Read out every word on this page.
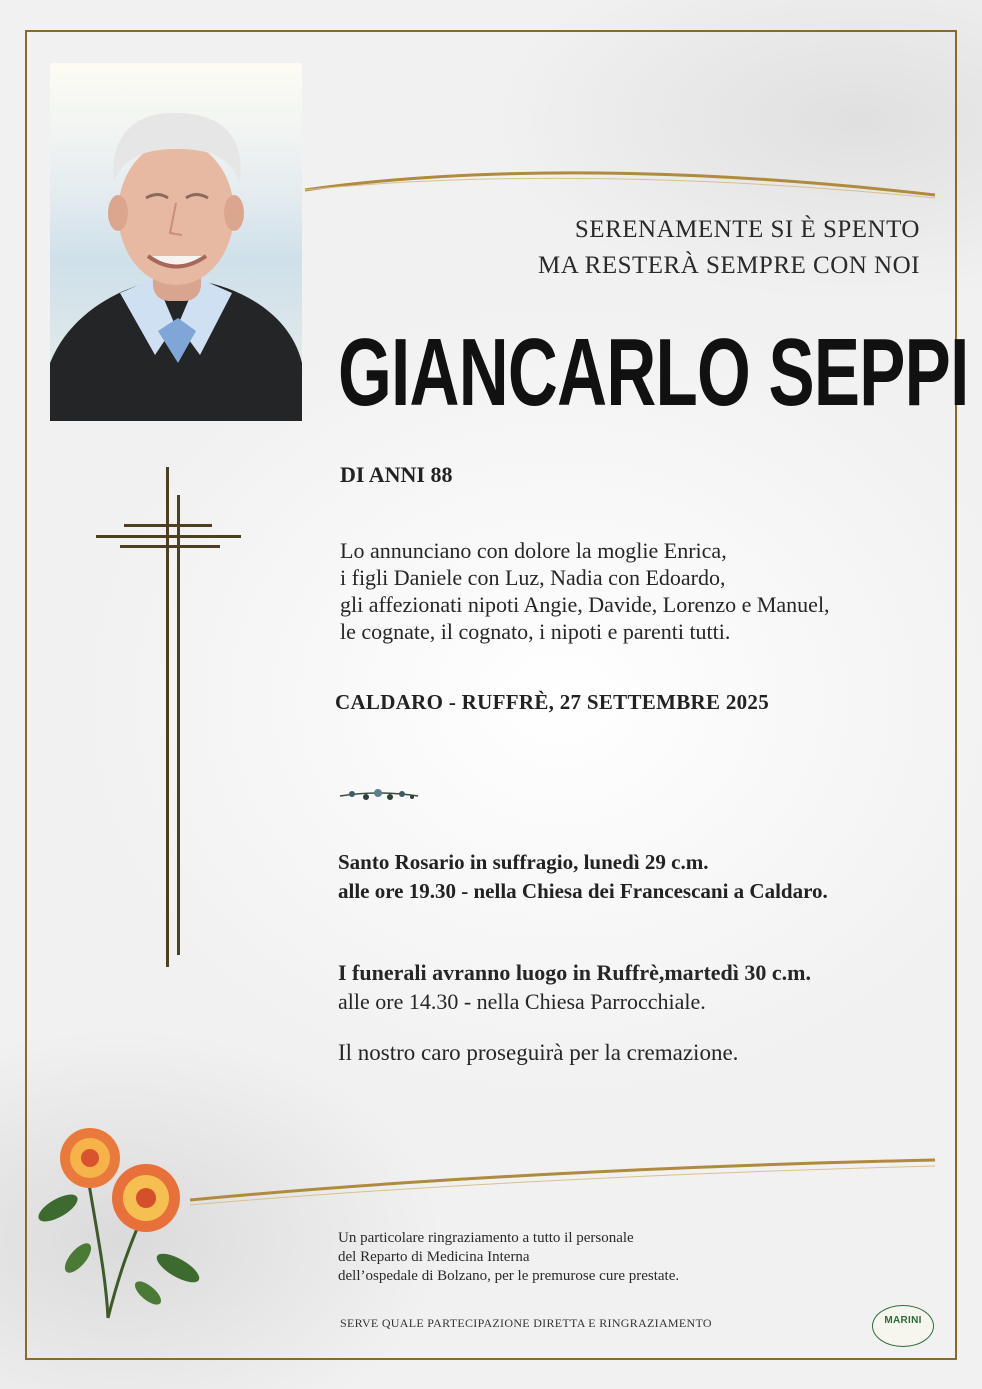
SERENAMENTE SI È SPENTO
MA RESTERÀ SEMPRE CON NOI
GIANCARLO SEPPI
DI ANNI 88
Lo annunciano con dolore la moglie Enrica,
i figli Daniele con Luz, Nadia con Edoardo,
gli affezionati nipoti Angie, Davide, Lorenzo e Manuel,
le cognate, il cognato, i nipoti e parenti tutti.
CALDARO - RUFFRÈ, 27 SETTEMBRE 2025
Santo Rosario in suffragio, lunedì 29 c.m.
alle ore 19.30 - nella Chiesa dei Francescani a Caldaro.
I funerali avranno luogo in Ruffrè,martedì 30 c.m.
alle ore 14.30 - nella Chiesa Parrocchiale.
Il nostro caro proseguirà per la cremazione.
Un particolare ringraziamento a tutto il personale
del Reparto di Medicina Interna
dell’ospedale di Bolzano, per le premurose cure prestate.
SERVE QUALE PARTECIPAZIONE DIRETTA E RINGRAZIAMENTO	MARINI
